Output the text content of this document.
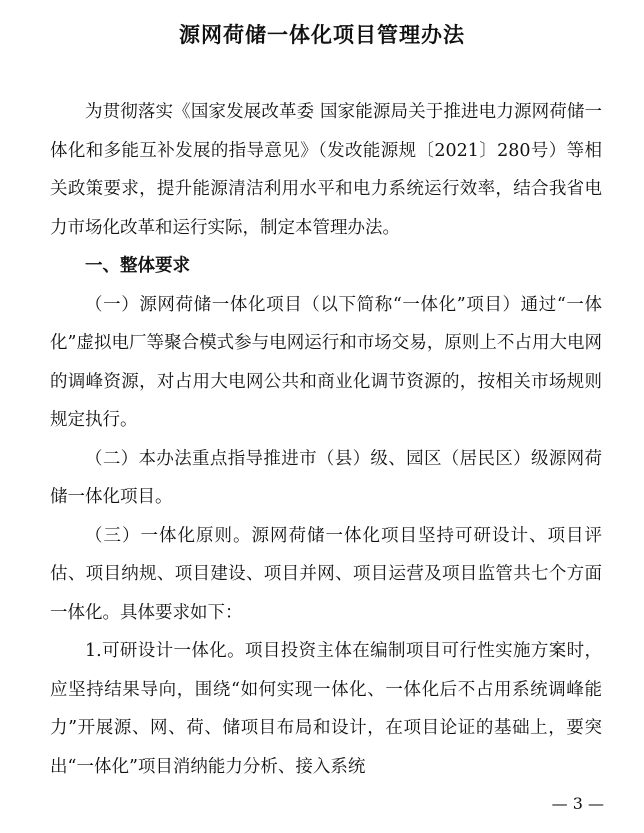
源网荷储一体化项目管理办法

为贯彻落实《国家发展改革委 国家能源局关于推进电力源网荷储一体化和多能互补发展的指导意见》（发改能源规〔2021〕280号）等相关政策要求，提升能源清洁利用水平和电力系统运行效率，结合我省电力市场化改革和运行实际，制定本管理办法。

一、整体要求

（一）源网荷储一体化项目（以下简称“一体化”项目）通过“一体化”虚拟电厂等聚合模式参与电网运行和市场交易，原则上不占用大电网的调峰资源，对占用大电网公共和商业化调节资源的，按相关市场规则规定执行。

（二）本办法重点指导推进市（县）级、园区（居民区）级源网荷储一体化项目。

（三）一体化原则。源网荷储一体化项目坚持可研设计、项目评估、项目纳规、项目建设、项目并网、项目运营及项目监管共七个方面一体化。具体要求如下：

1.可研设计一体化。项目投资主体在编制项目可行性实施方案时，应坚持结果导向，围绕“如何实现一体化、一体化后不占用系统调峰能力”开展源、网、荷、储项目布局和设计，在项目论证的基础上，要突出“一体化”项目消纳能力分析、接入系统

— 3 —
